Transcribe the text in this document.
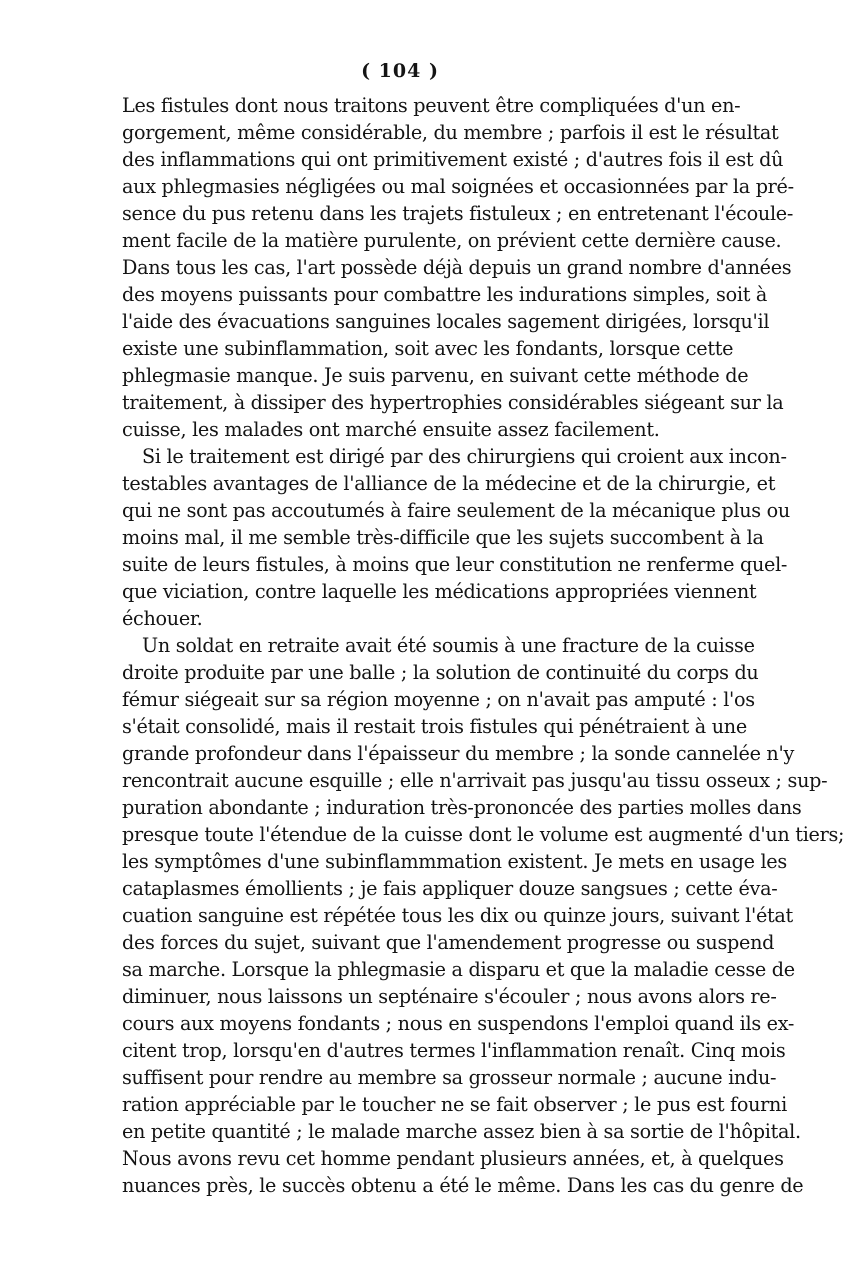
( 104 )
Les fistules dont nous traitons peuvent être compliquées d'un en-
gorgement, même considérable, du membre ; parfois il est le résultat
des inflammations qui ont primitivement existé ; d'autres fois il est dû
aux phlegmasies négligées ou mal soignées et occasionnées par la pré-
sence du pus retenu dans les trajets fistuleux ; en entretenant l'écoule-
ment facile de la matière purulente, on prévient cette dernière cause.
Dans tous les cas, l'art possède déjà depuis un grand nombre d'années
des moyens puissants pour combattre les indurations simples, soit à
l'aide des évacuations sanguines locales sagement dirigées, lorsqu'il
existe une subinflammation, soit avec les fondants, lorsque cette
phlegmasie manque. Je suis parvenu, en suivant cette méthode de
traitement, à dissiper des hypertrophies considérables siégeant sur la
cuisse, les malades ont marché ensuite assez facilement.
Si le traitement est dirigé par des chirurgiens qui croient aux incon-
testables avantages de l'alliance de la médecine et de la chirurgie, et
qui ne sont pas accoutumés à faire seulement de la mécanique plus ou
moins mal, il me semble très-difficile que les sujets succombent à la
suite de leurs fistules, à moins que leur constitution ne renferme quel-
que viciation, contre laquelle les médications appropriées viennent
échouer.
Un soldat en retraite avait été soumis à une fracture de la cuisse
droite produite par une balle ; la solution de continuité du corps du
fémur siégeait sur sa région moyenne ; on n'avait pas amputé : l'os
s'était consolidé, mais il restait trois fistules qui pénétraient à une
grande profondeur dans l'épaisseur du membre ; la sonde cannelée n'y
rencontrait aucune esquille ; elle n'arrivait pas jusqu'au tissu osseux ; sup-
puration abondante ; induration très-prononcée des parties molles dans
presque toute l'étendue de la cuisse dont le volume est augmenté d'un tiers;
les symptômes d'une subinflammmation existent. Je mets en usage les
cataplasmes émollients ; je fais appliquer douze sangsues ; cette éva-
cuation sanguine est répétée tous les dix ou quinze jours, suivant l'état
des forces du sujet, suivant que l'amendement progresse ou suspend
sa marche. Lorsque la phlegmasie a disparu et que la maladie cesse de
diminuer, nous laissons un septénaire s'écouler ; nous avons alors re-
cours aux moyens fondants ; nous en suspendons l'emploi quand ils ex-
citent trop, lorsqu'en d'autres termes l'inflammation renaît. Cinq mois
suffisent pour rendre au membre sa grosseur normale ; aucune indu-
ration appréciable par le toucher ne se fait observer ; le pus est fourni
en petite quantité ; le malade marche assez bien à sa sortie de l'hôpital.
Nous avons revu cet homme pendant plusieurs années, et, à quelques
nuances près, le succès obtenu a été le même. Dans les cas du genre de
